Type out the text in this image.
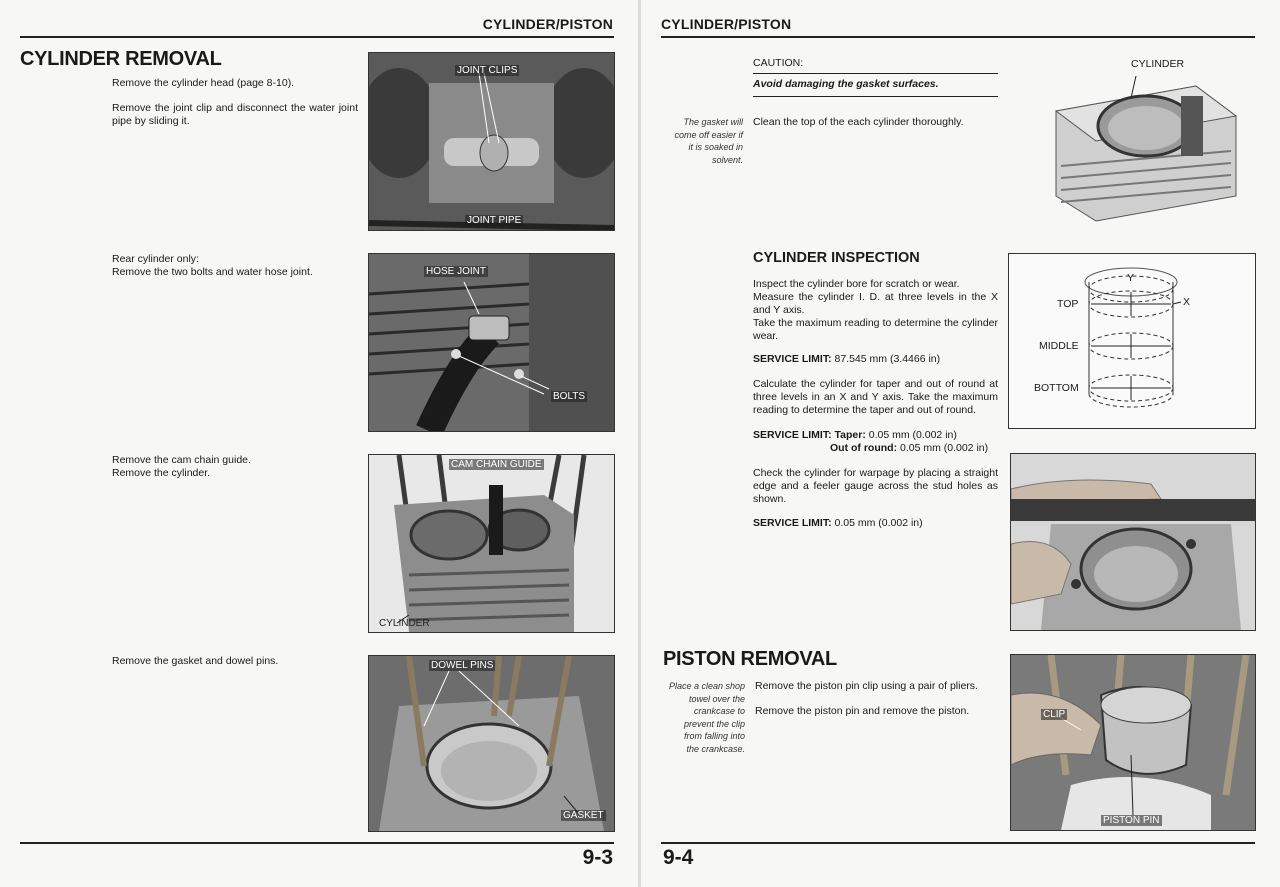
CYLINDER/PISTON
CYLINDER REMOVAL
Remove the cylinder head (page 8-10).
Remove the joint clip and disconnect the water joint pipe by sliding it.
Rear cylinder only:
Remove the two bolts and water hose joint.
Remove the cam chain guide.
Remove the cylinder.
Remove the gasket and dowel pins.
JOINT CLIPS
JOINT PIPE
HOSE JOINT
BOLTS
CAM CHAIN GUIDE
CYLINDER
DOWEL PINS
GASKET
9-3
CYLINDER/PISTON
CAUTION:
Avoid damaging the gasket surfaces.
The gasket will
come off easier if
it is soaked in
solvent.
Clean the top of the each cylinder thoroughly.
CYLINDER
CYLINDER INSPECTION
Inspect the cylinder bore for scratch or wear.
Measure the cylinder I. D. at three levels in the X and Y axis.
Take the maximum reading to determine the cylinder wear.
SERVICE LIMIT: 87.545 mm (3.4466 in)
Calculate the cylinder for taper and out of round at three levels in an X and Y axis. Take the maximum reading to determine the taper and out of round.
SERVICE LIMIT: Taper: 0.05 mm (0.002 in)
Out of round: 0.05 mm (0.002 in)
Check the cylinder for warpage by placing a straight edge and a feeler gauge across the stud holes as shown.
SERVICE LIMIT: 0.05 mm (0.002 in)
TOP
MIDDLE
BOTTOM
X
Y
PISTON REMOVAL
Place a clean shop
towel over the
crankcase to
prevent the clip
from falling into
the crankcase.
Remove the piston pin clip using a pair of pliers.
Remove the piston pin and remove the piston.	CLIP
PISTON PIN
9-4
